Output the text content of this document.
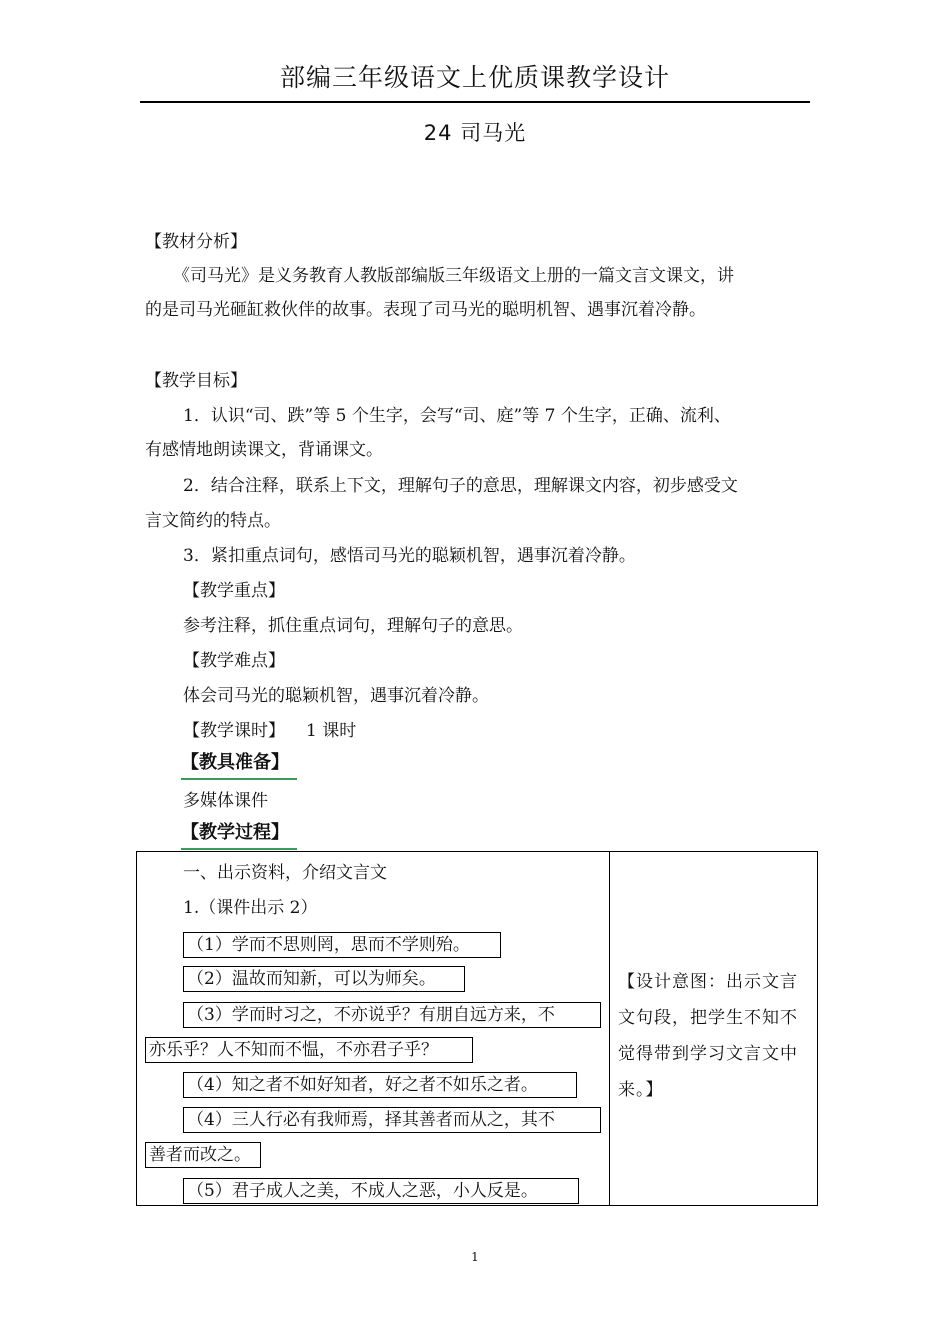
部编三年级语文上优质课教学设计
24 司马光
【教材分析】
《司马光》是义务教育人教版部编版三年级语文上册的一篇文言文课文，讲
的是司马光砸缸救伙伴的故事。表现了司马光的聪明机智、遇事沉着冷静。
【教学目标】
1．认识“司、跌”等 5 个生字，会写“司、庭”等 7 个生字，正确、流利、
有感情地朗读课文，背诵课文。
2．结合注释，联系上下文，理解句子的意思，理解课文内容，初步感受文
言文简约的特点。
3．紧扣重点词句，感悟司马光的聪颖机智，遇事沉着冷静。
【教学重点】
参考注释，抓住重点词句，理解句子的意思。
【教学难点】
体会司马光的聪颖机智，遇事沉着冷静。
【教学课时】 1 课时
【教具准备】
多媒体课件
【教学过程】
一、出示资料，介绍文言文
1.（课件出示 2）
（1）学而不思则罔，思而不学则殆。
（2）温故而知新，可以为师矣。
（3）学而时习之，不亦说乎？有朋自远方来，不
亦乐乎？人不知而不愠，不亦君子乎？
（4）知之者不如好知者，好之者不如乐之者。
（4）三人行必有我师焉，择其善者而从之，其不
善者而改之。
（5）君子成人之美，不成人之恶，小人反是。

【设计意图：出示文言文句段，把学生不知不觉得带到学习文言文中来。】
1
